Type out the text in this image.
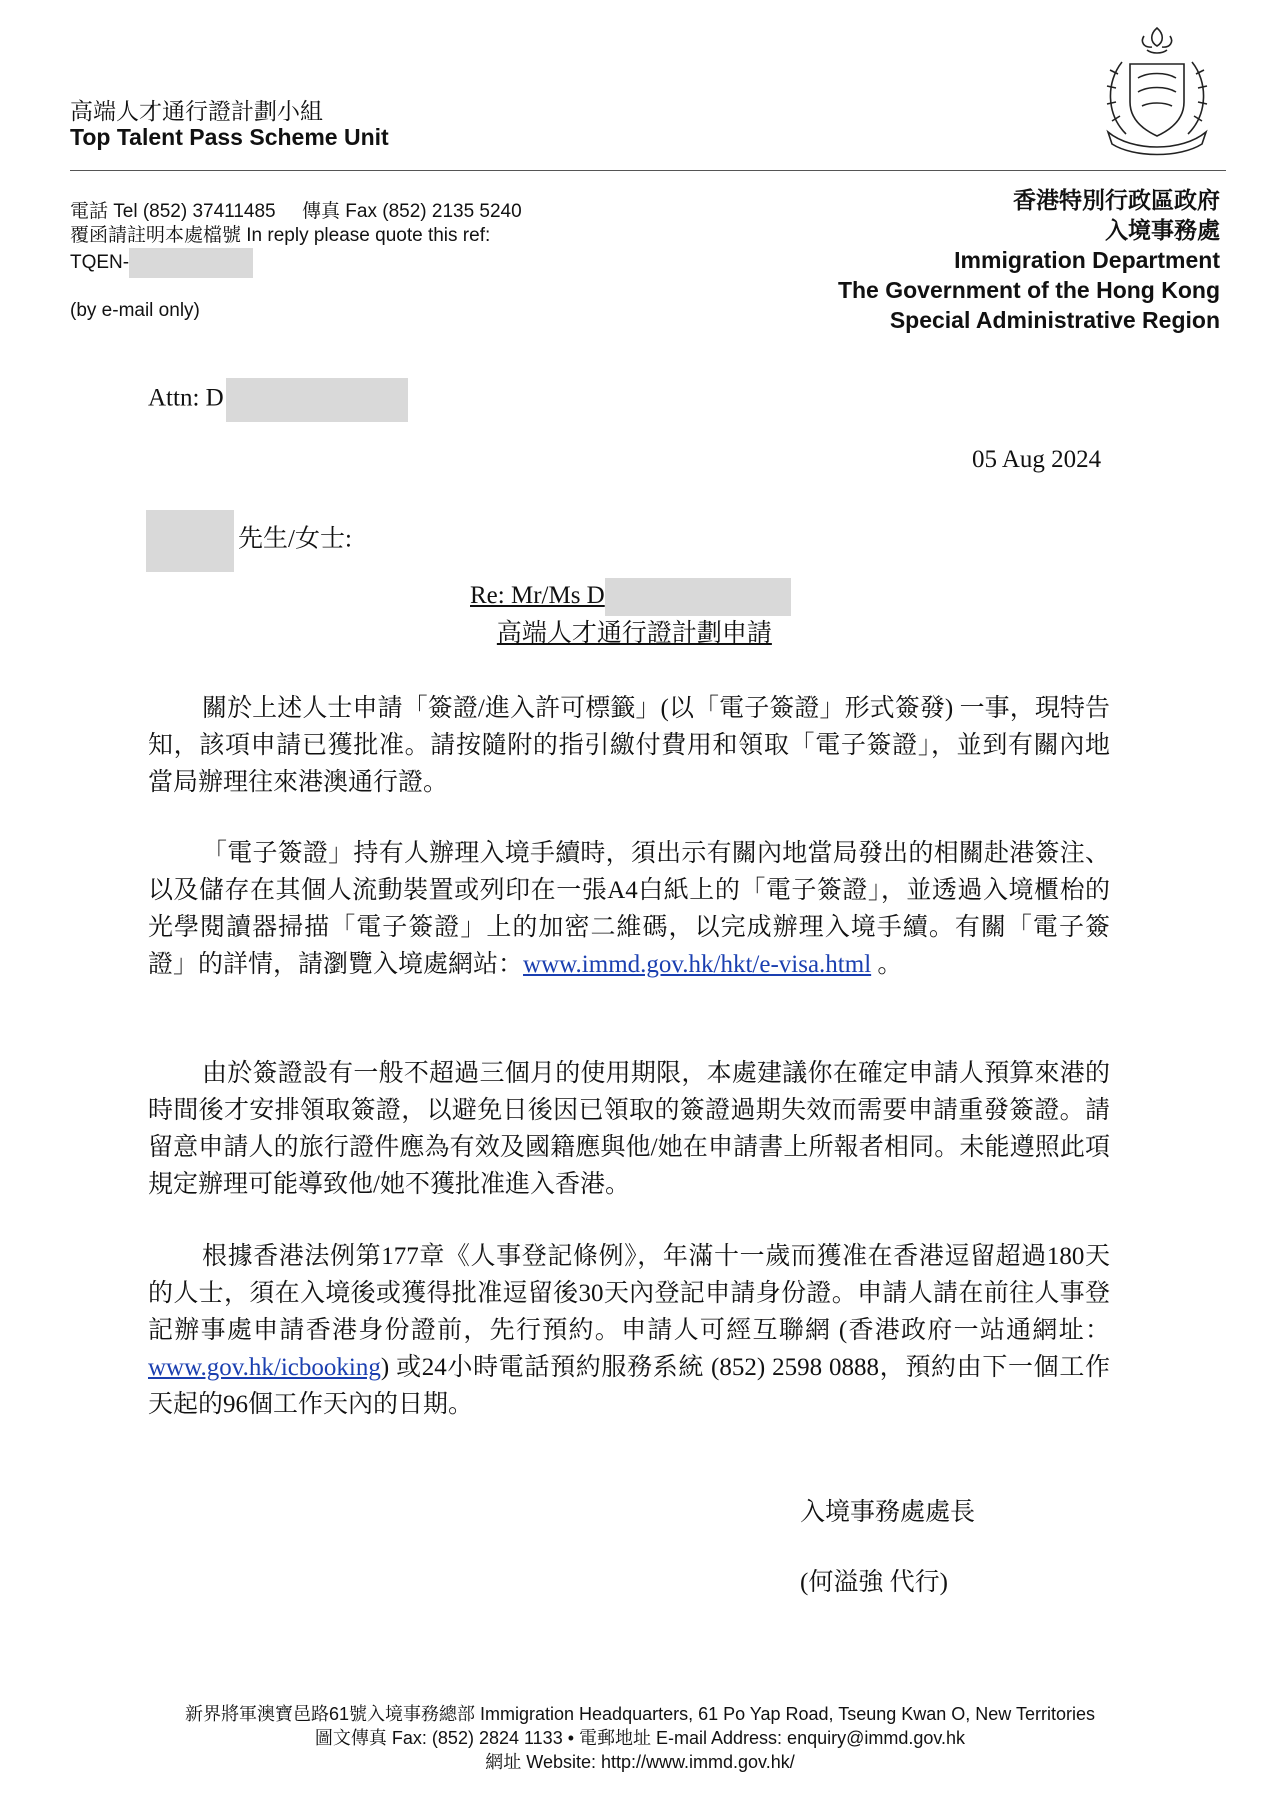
高端人才通行證計劃小組
Top Talent Pass Scheme Unit
電話 Tel (852) 37411485 傳真 Fax (852) 2135 5240
覆函請註明本處檔號 In reply please quote this ref:
TQEN-
(by e-mail only)
香港特別行政區政府
入境事務處
Immigration Department
The Government of the Hong Kong
Special Administrative Region
Attn: D
05 Aug 2024
先生/女士:
Re: Mr/Ms D
高端人才通行證計劃申請

關於上述人士申請「簽證/進入許可標籤」(以「電子簽證」形式簽發) 一事，現特告知，該項申請已獲批准。請按隨附的指引繳付費用和領取「電子簽證」，並到有關內地當局辦理往來港澳通行證。

「電子簽證」持有人辦理入境手續時，須出示有關內地當局發出的相關赴港簽注、以及儲存在其個人流動裝置或列印在一張A4白紙上的「電子簽證」，並透過入境櫃枱的光學閱讀器掃描「電子簽證」上的加密二維碼，以完成辦理入境手續。有關「電子簽證」的詳情，請瀏覽入境處網站：www.immd.gov.hk/hkt/e-visa.html 。

由於簽證設有一般不超過三個月的使用期限，本處建議你在確定申請人預算來港的時間後才安排領取簽證，以避免日後因已領取的簽證過期失效而需要申請重發簽證。請留意申請人的旅行證件應為有效及國籍應與他/她在申請書上所報者相同。未能遵照此項規定辦理可能導致他/她不獲批准進入香港。

根據香港法例第177章《人事登記條例》，年滿十一歲而獲准在香港逗留超過180天的人士，須在入境後或獲得批准逗留後30天內登記申請身份證。申請人請在前往人事登記辦事處申請香港身份證前，先行預約。申請人可經互聯網 (香港政府一站通網址：www.gov.hk/icbooking) 或24小時電話預約服務系統 (852) 2598 0888，預約由下一個工作天起的96個工作天內的日期。

入境事務處處長
(何溢強 代行)
新界將軍澳寶邑路61號入境事務總部 Immigration Headquarters, 61 Po Yap Road, Tseung Kwan O, New Territories
圖文傳真 Fax: (852) 2824 1133 • 電郵地址 E-mail Address: enquiry@immd.gov.hk
網址 Website: http://www.immd.gov.hk/
